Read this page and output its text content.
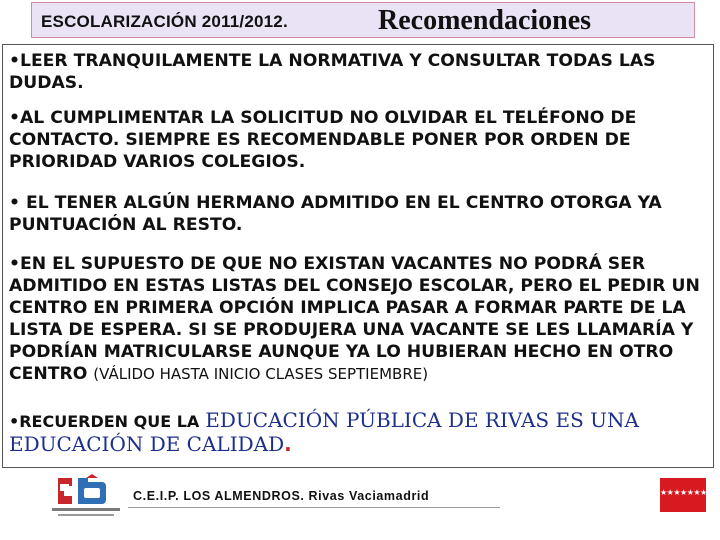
ESCOLARIZACIÓN 2011/2012.	Recomendaciones
•LEER TRANQUILAMENTE LA NORMATIVA Y CONSULTAR TODAS LAS DUDAS.
•AL CUMPLIMENTAR LA SOLICITUD NO OLVIDAR EL TELÉFONO DE CONTACTO. SIEMPRE ES RECOMENDABLE PONER POR ORDEN DE PRIORIDAD VARIOS COLEGIOS.
• EL TENER ALGÚN HERMANO ADMITIDO EN EL CENTRO OTORGA YA PUNTUACIÓN AL RESTO.
•EN EL SUPUESTO DE QUE NO EXISTAN VACANTES NO PODRÁ SER ADMITIDO EN ESTAS LISTAS DEL CONSEJO ESCOLAR, PERO EL PEDIR UN CENTRO EN PRIMERA OPCIÓN IMPLICA PASAR A FORMAR PARTE DE LA LISTA DE ESPERA. SI SE PRODUJERA UNA VACANTE SE LES LLAMARÍA Y PODRÍAN MATRICULARSE AUNQUE YA LO HUBIERAN HECHO EN OTRO CENTRO (VÁLIDO HASTA INICIO CLASES SEPTIEMBRE)
•RECUERDEN QUE LA EDUCACIÓN PÚBLICA DE RIVAS ES UNA EDUCACIÓN DE CALIDAD.
C.E.I.P. LOS ALMENDROS. Rivas Vaciamadrid	★★★★★★★
